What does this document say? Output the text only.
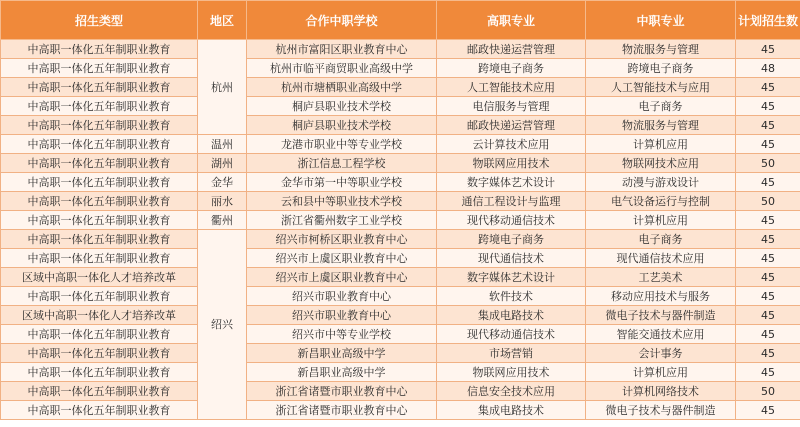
招生类型	地区	合作中职学校	高职专业	中职专业	计划招生数
中高职一体化五年制职业教育	杭州	杭州市富阳区职业教育中心	邮政快递运营管理	物流服务与管理	45
中高职一体化五年制职业教育		杭州市临平商贸职业高级中学	跨境电子商务	跨境电子商务	48
中高职一体化五年制职业教育		杭州市塘栖职业高级中学	人工智能技术应用	人工智能技术与应用	45
中高职一体化五年制职业教育		桐庐县职业技术学校	电信服务与管理	电子商务	45
中高职一体化五年制职业教育		桐庐县职业技术学校	邮政快递运营管理	物流服务与管理	45
中高职一体化五年制职业教育	温州	龙港市职业中等专业学校	云计算技术应用	计算机应用	45
中高职一体化五年制职业教育	湖州	浙江信息工程学校	物联网应用技术	物联网技术应用	50
中高职一体化五年制职业教育	金华	金华市第一中等职业学校	数字媒体艺术设计	动漫与游戏设计	45
中高职一体化五年制职业教育	丽水	云和县中等职业技术学校	通信工程设计与监理	电气设备运行与控制	50
中高职一体化五年制职业教育	衢州	浙江省衢州数字工业学校	现代移动通信技术	计算机应用	45
中高职一体化五年制职业教育	绍兴	绍兴市柯桥区职业教育中心	跨境电子商务	电子商务	45
中高职一体化五年制职业教育		绍兴市上虞区职业教育中心	现代通信技术	现代通信技术应用	45
区域中高职一体化人才培养改革		绍兴市上虞区职业教育中心	数字媒体艺术设计	工艺美术	45
中高职一体化五年制职业教育		绍兴市职业教育中心	软件技术	移动应用技术与服务	45
区域中高职一体化人才培养改革		绍兴市职业教育中心	集成电路技术	微电子技术与器件制造	45
中高职一体化五年制职业教育		绍兴市中等专业学校	现代移动通信技术	智能交通技术应用	45
中高职一体化五年制职业教育		新昌职业高级中学	市场营销	会计事务	45
中高职一体化五年制职业教育		新昌职业高级中学	物联网应用技术	计算机应用	45
中高职一体化五年制职业教育		浙江省诸暨市职业教育中心	信息安全技术应用	计算机网络技术	50
中高职一体化五年制职业教育		浙江省诸暨市职业教育中心	集成电路技术	微电子技术与器件制造	45
